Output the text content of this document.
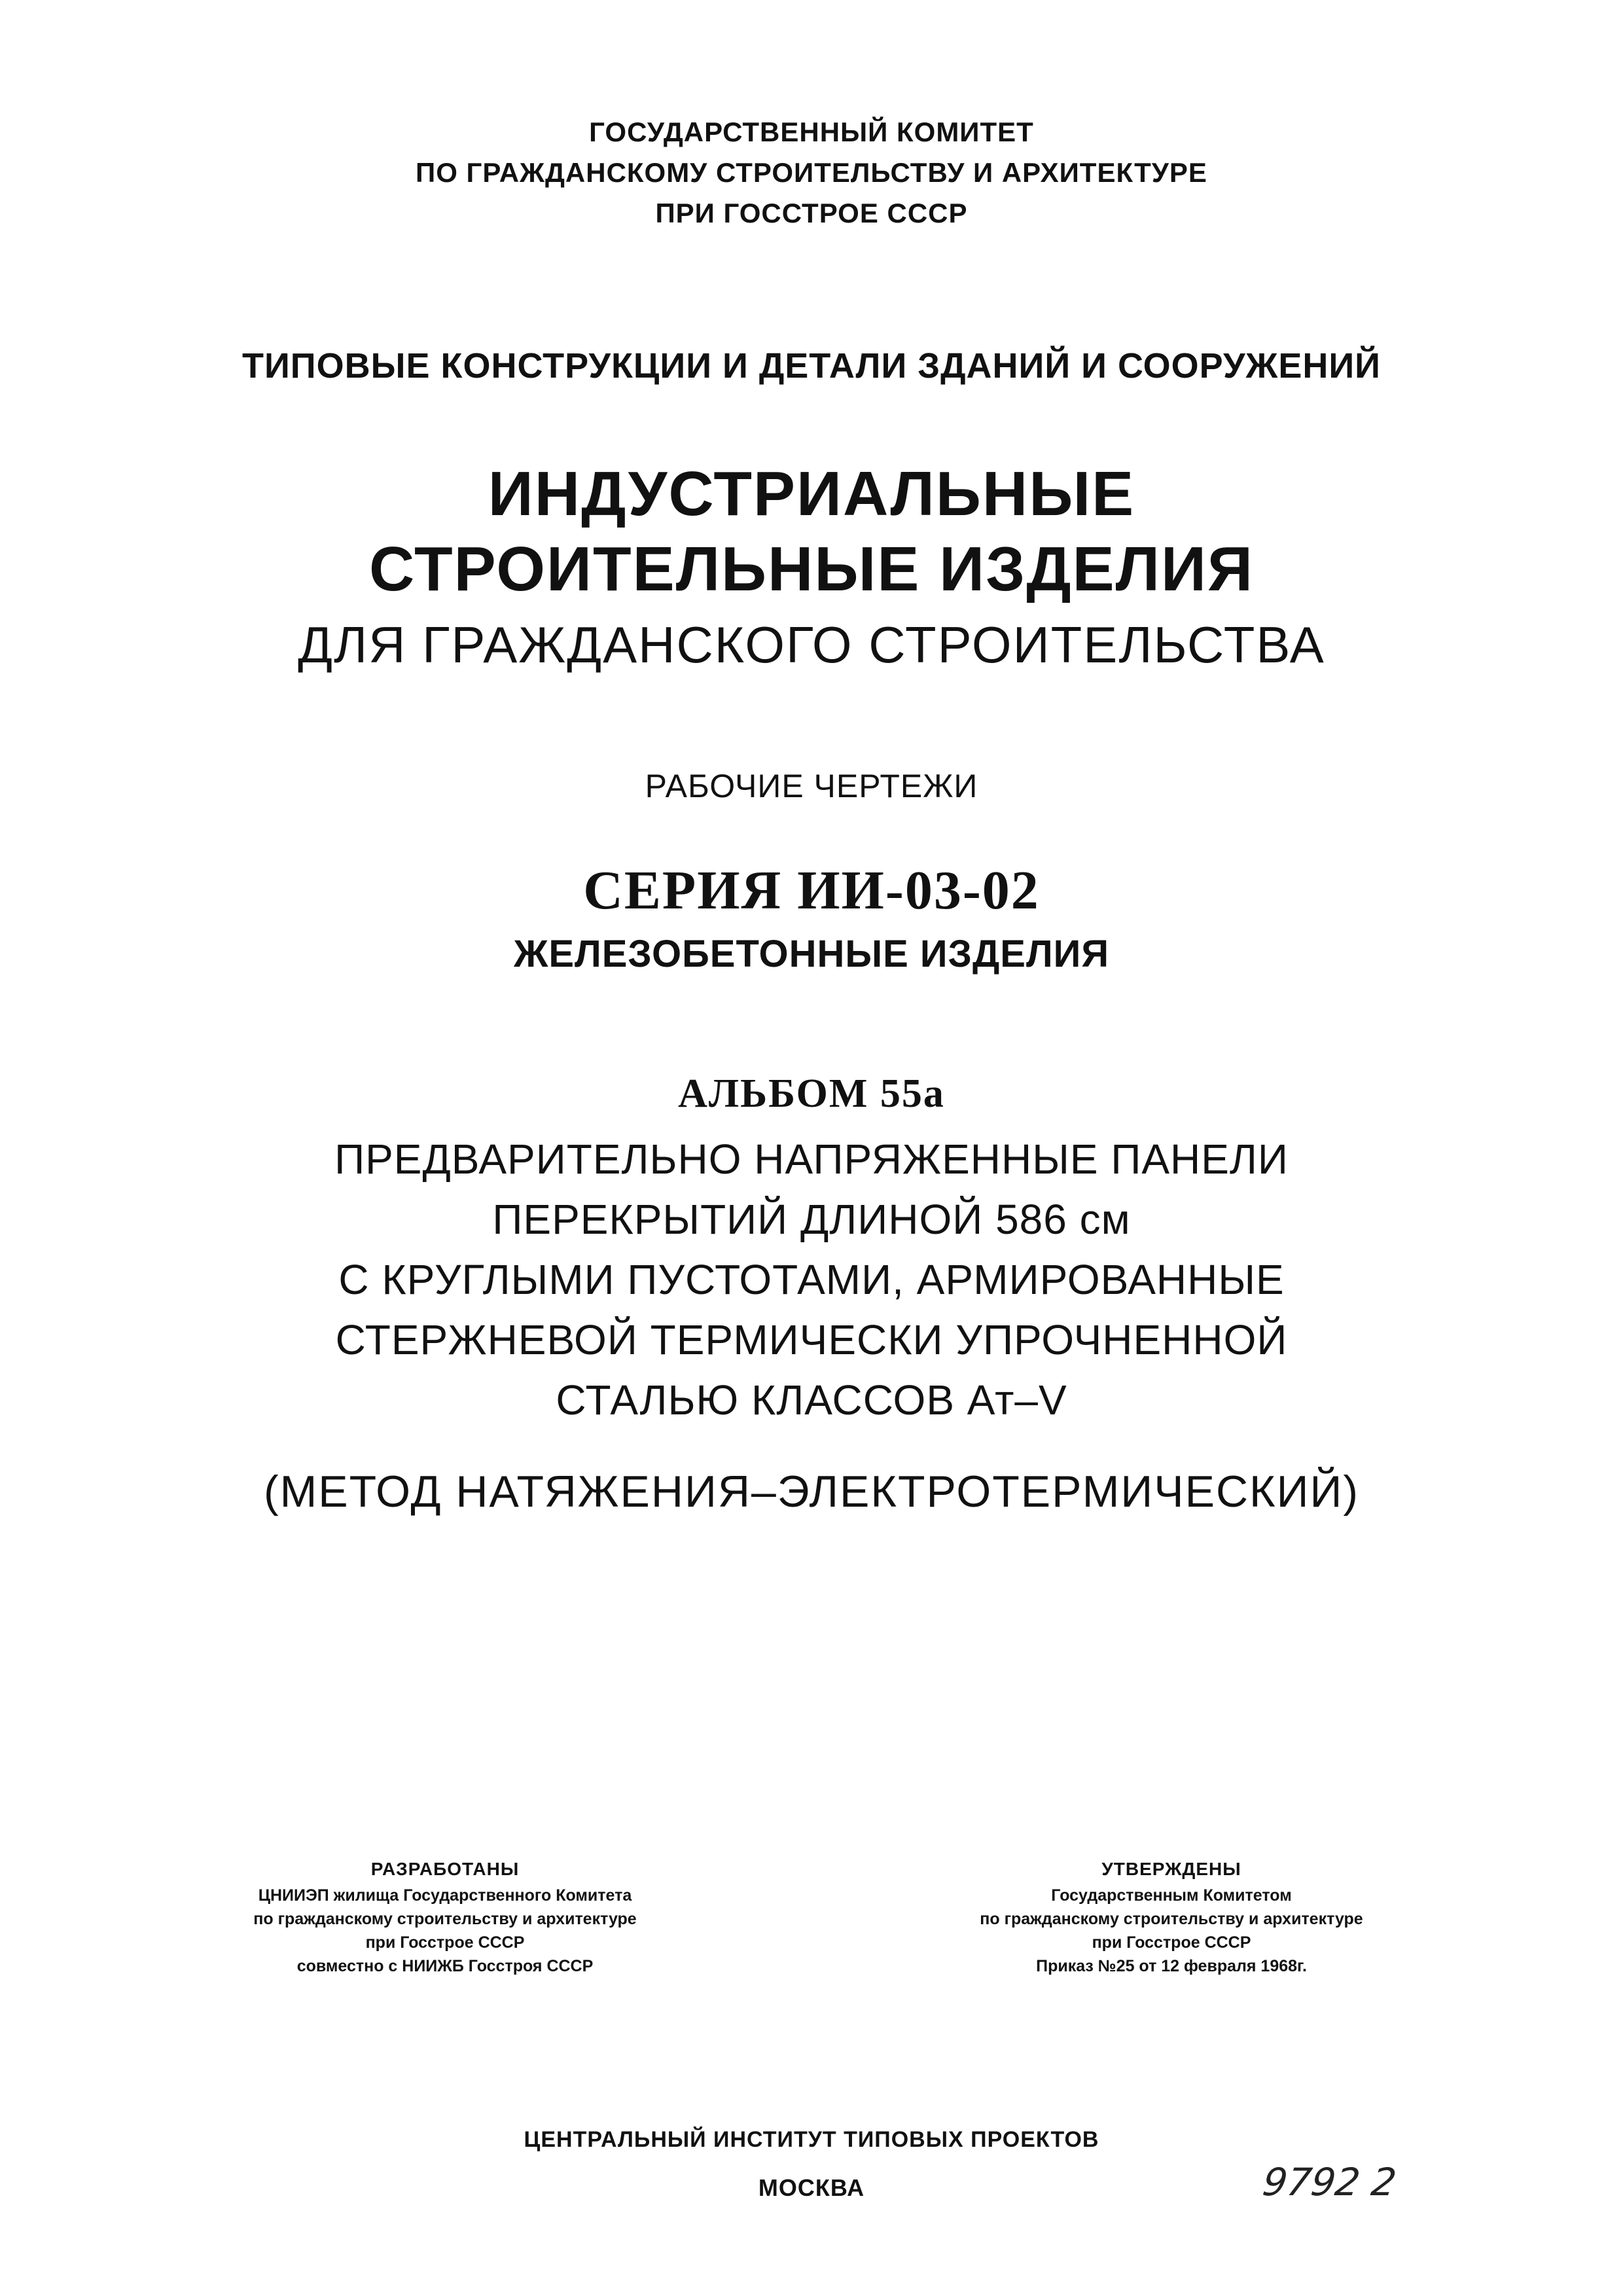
ГОСУДАРСТВЕННЫЙ КОМИТЕТ
ПО ГРАЖДАНСКОМУ СТРОИТЕЛЬСТВУ И АРХИТЕКТУРЕ
ПРИ ГОССТРОЕ СССР
ТИПОВЫЕ КОНСТРУКЦИИ И ДЕТАЛИ ЗДАНИЙ И СООРУЖЕНИЙ
ИНДУСТРИАЛЬНЫЕ
СТРОИТЕЛЬНЫЕ ИЗДЕЛИЯ
ДЛЯ ГРАЖДАНСКОГО СТРОИТЕЛЬСТВА
РАБОЧИЕ ЧЕРТЕЖИ
СЕРИЯ ИИ-03-02
ЖЕЛЕЗОБЕТОННЫЕ ИЗДЕЛИЯ
АЛЬБОМ 55а
ПРЕДВАРИТЕЛЬНО НАПРЯЖЕННЫЕ ПАНЕЛИ
ПЕРЕКРЫТИЙ ДЛИНОЙ 586 см
С КРУГЛЫМИ ПУСТОТАМИ, АРМИРОВАННЫЕ
СТЕРЖНЕВОЙ ТЕРМИЧЕСКИ УПРОЧНЕННОЙ
СТАЛЬЮ КЛАССОВ Ат–V
(МЕТОД НАТЯЖЕНИЯ–ЭЛЕКТРОТЕРМИЧЕСКИЙ)
РАЗРАБОТАНЫ
ЦНИИЭП жилища Государственного Комитета
по гражданскому строительству и архитектуре
при Госстрое СССР
совместно с НИИЖБ Госстроя СССР
УТВЕРЖДЕНЫ
Государственным Комитетом
по гражданскому строительству и архитектуре
при Госстрое СССР
Приказ №25 от 12 февраля 1968г.
ЦЕНТРАЛЬНЫЙ ИНСТИТУТ ТИПОВЫХ ПРОЕКТОВ
МОСКВА	9792 2
